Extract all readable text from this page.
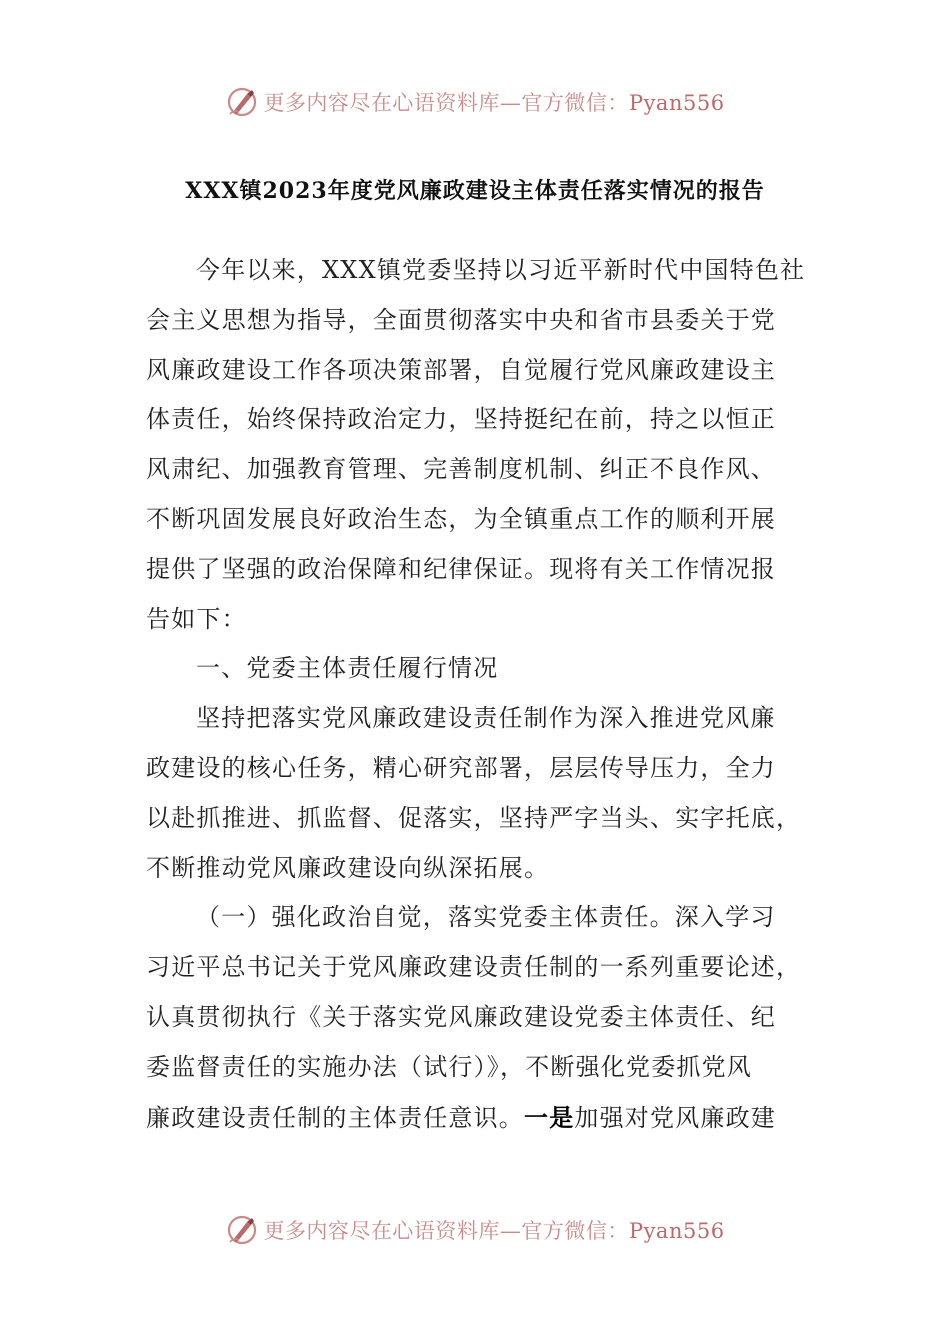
更多内容尽在心语资料库—官方微信：Pyan556
XXX镇2023年度党风廉政建设主体责任落实情况的报告
今年以来，XXX镇党委坚持以习近平新时代中国特色社
会主义思想为指导，全面贯彻落实中央和省市县委关于党
风廉政建设工作各项决策部署，自觉履行党风廉政建设主
体责任，始终保持政治定力，坚持挺纪在前，持之以恒正
风肃纪、加强教育管理、完善制度机制、纠正不良作风、
不断巩固发展良好政治生态，为全镇重点工作的顺利开展
提供了坚强的政治保障和纪律保证。现将有关工作情况报
告如下：
一、党委主体责任履行情况
坚持把落实党风廉政建设责任制作为深入推进党风廉
政建设的核心任务，精心研究部署，层层传导压力，全力
以赴抓推进、抓监督、促落实，坚持严字当头、实字托底，
不断推动党风廉政建设向纵深拓展。
（一）强化政治自觉，落实党委主体责任。深入学习
习近平总书记关于党风廉政建设责任制的一系列重要论述，
认真贯彻执行《关于落实党风廉政建设党委主体责任、纪
委监督责任的实施办法（试行）》，不断强化党委抓党风
廉政建设责任制的主体责任意识。一是加强对党风廉政建
更多内容尽在心语资料库—官方微信：Pyan556
